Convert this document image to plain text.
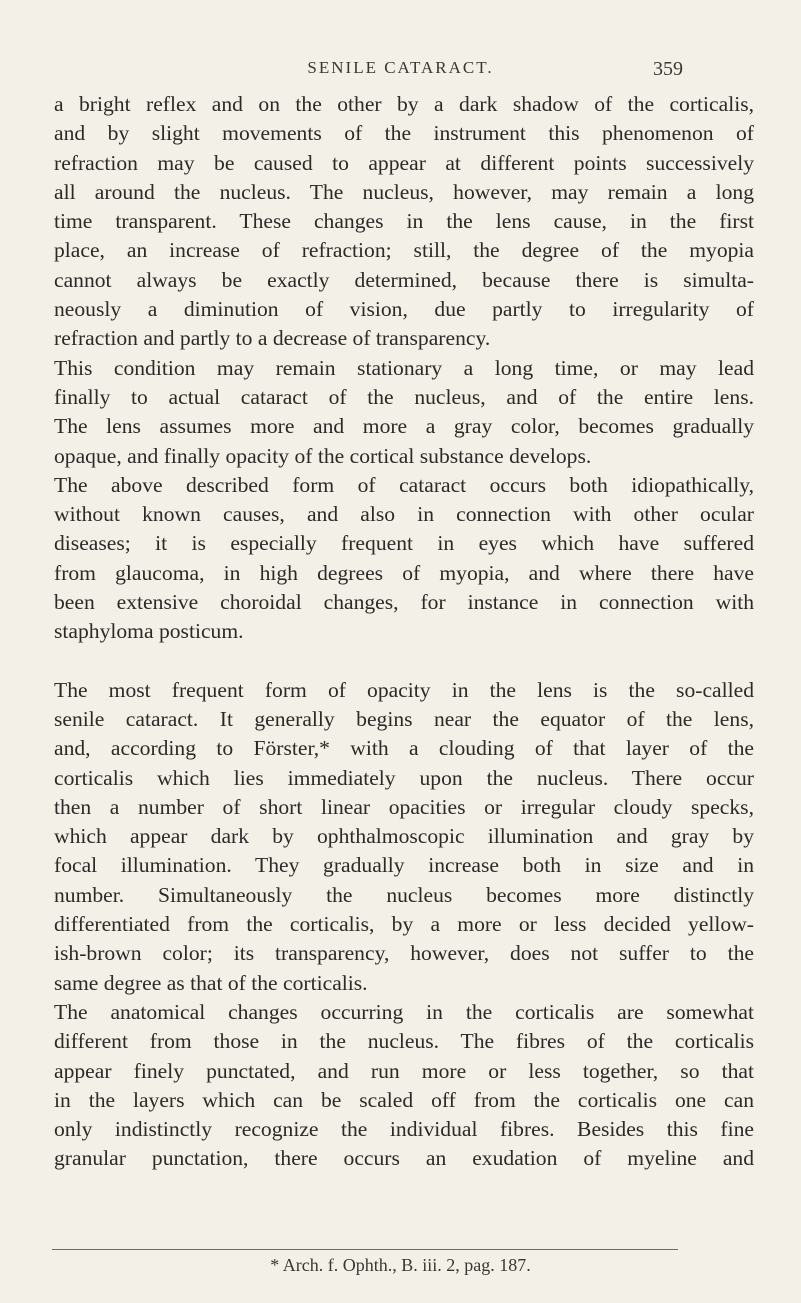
SENILE CATARACT.	359
a bright reflex and on the other by a dark shadow of the corticalis,
and by slight movements of the instrument this phenomenon of
refraction may be caused to appear at different points successively
all around the nucleus. The nucleus, however, may remain a long
time transparent. These changes in the lens cause, in the first
place, an increase of refraction; still, the degree of the myopia
cannot always be exactly determined, because there is simulta-
neously a diminution of vision, due partly to irregularity of
refraction and partly to a decrease of transparency.
This condition may remain stationary a long time, or may lead
finally to actual cataract of the nucleus, and of the entire lens.
The lens assumes more and more a gray color, becomes gradually
opaque, and finally opacity of the cortical substance develops.
The above described form of cataract occurs both idiopathically,
without known causes, and also in connection with other ocular
diseases; it is especially frequent in eyes which have suffered
from glaucoma, in high degrees of myopia, and where there have
been extensive choroidal changes, for instance in connection with
staphyloma posticum.
The most frequent form of opacity in the lens is the so-called
senile cataract. It generally begins near the equator of the lens,
and, according to Förster,* with a clouding of that layer of the
corticalis which lies immediately upon the nucleus. There occur
then a number of short linear opacities or irregular cloudy specks,
which appear dark by ophthalmoscopic illumination and gray by
focal illumination. They gradually increase both in size and in
number. Simultaneously the nucleus becomes more distinctly
differentiated from the corticalis, by a more or less decided yellow-
ish-brown color; its transparency, however, does not suffer to the
same degree as that of the corticalis.
The anatomical changes occurring in the corticalis are somewhat
different from those in the nucleus. The fibres of the corticalis
appear finely punctated, and run more or less together, so that
in the layers which can be scaled off from the corticalis one can
only indistinctly recognize the individual fibres. Besides this fine
granular punctation, there occurs an exudation of myeline and
* Arch. f. Ophth., B. iii. 2, pag. 187.
